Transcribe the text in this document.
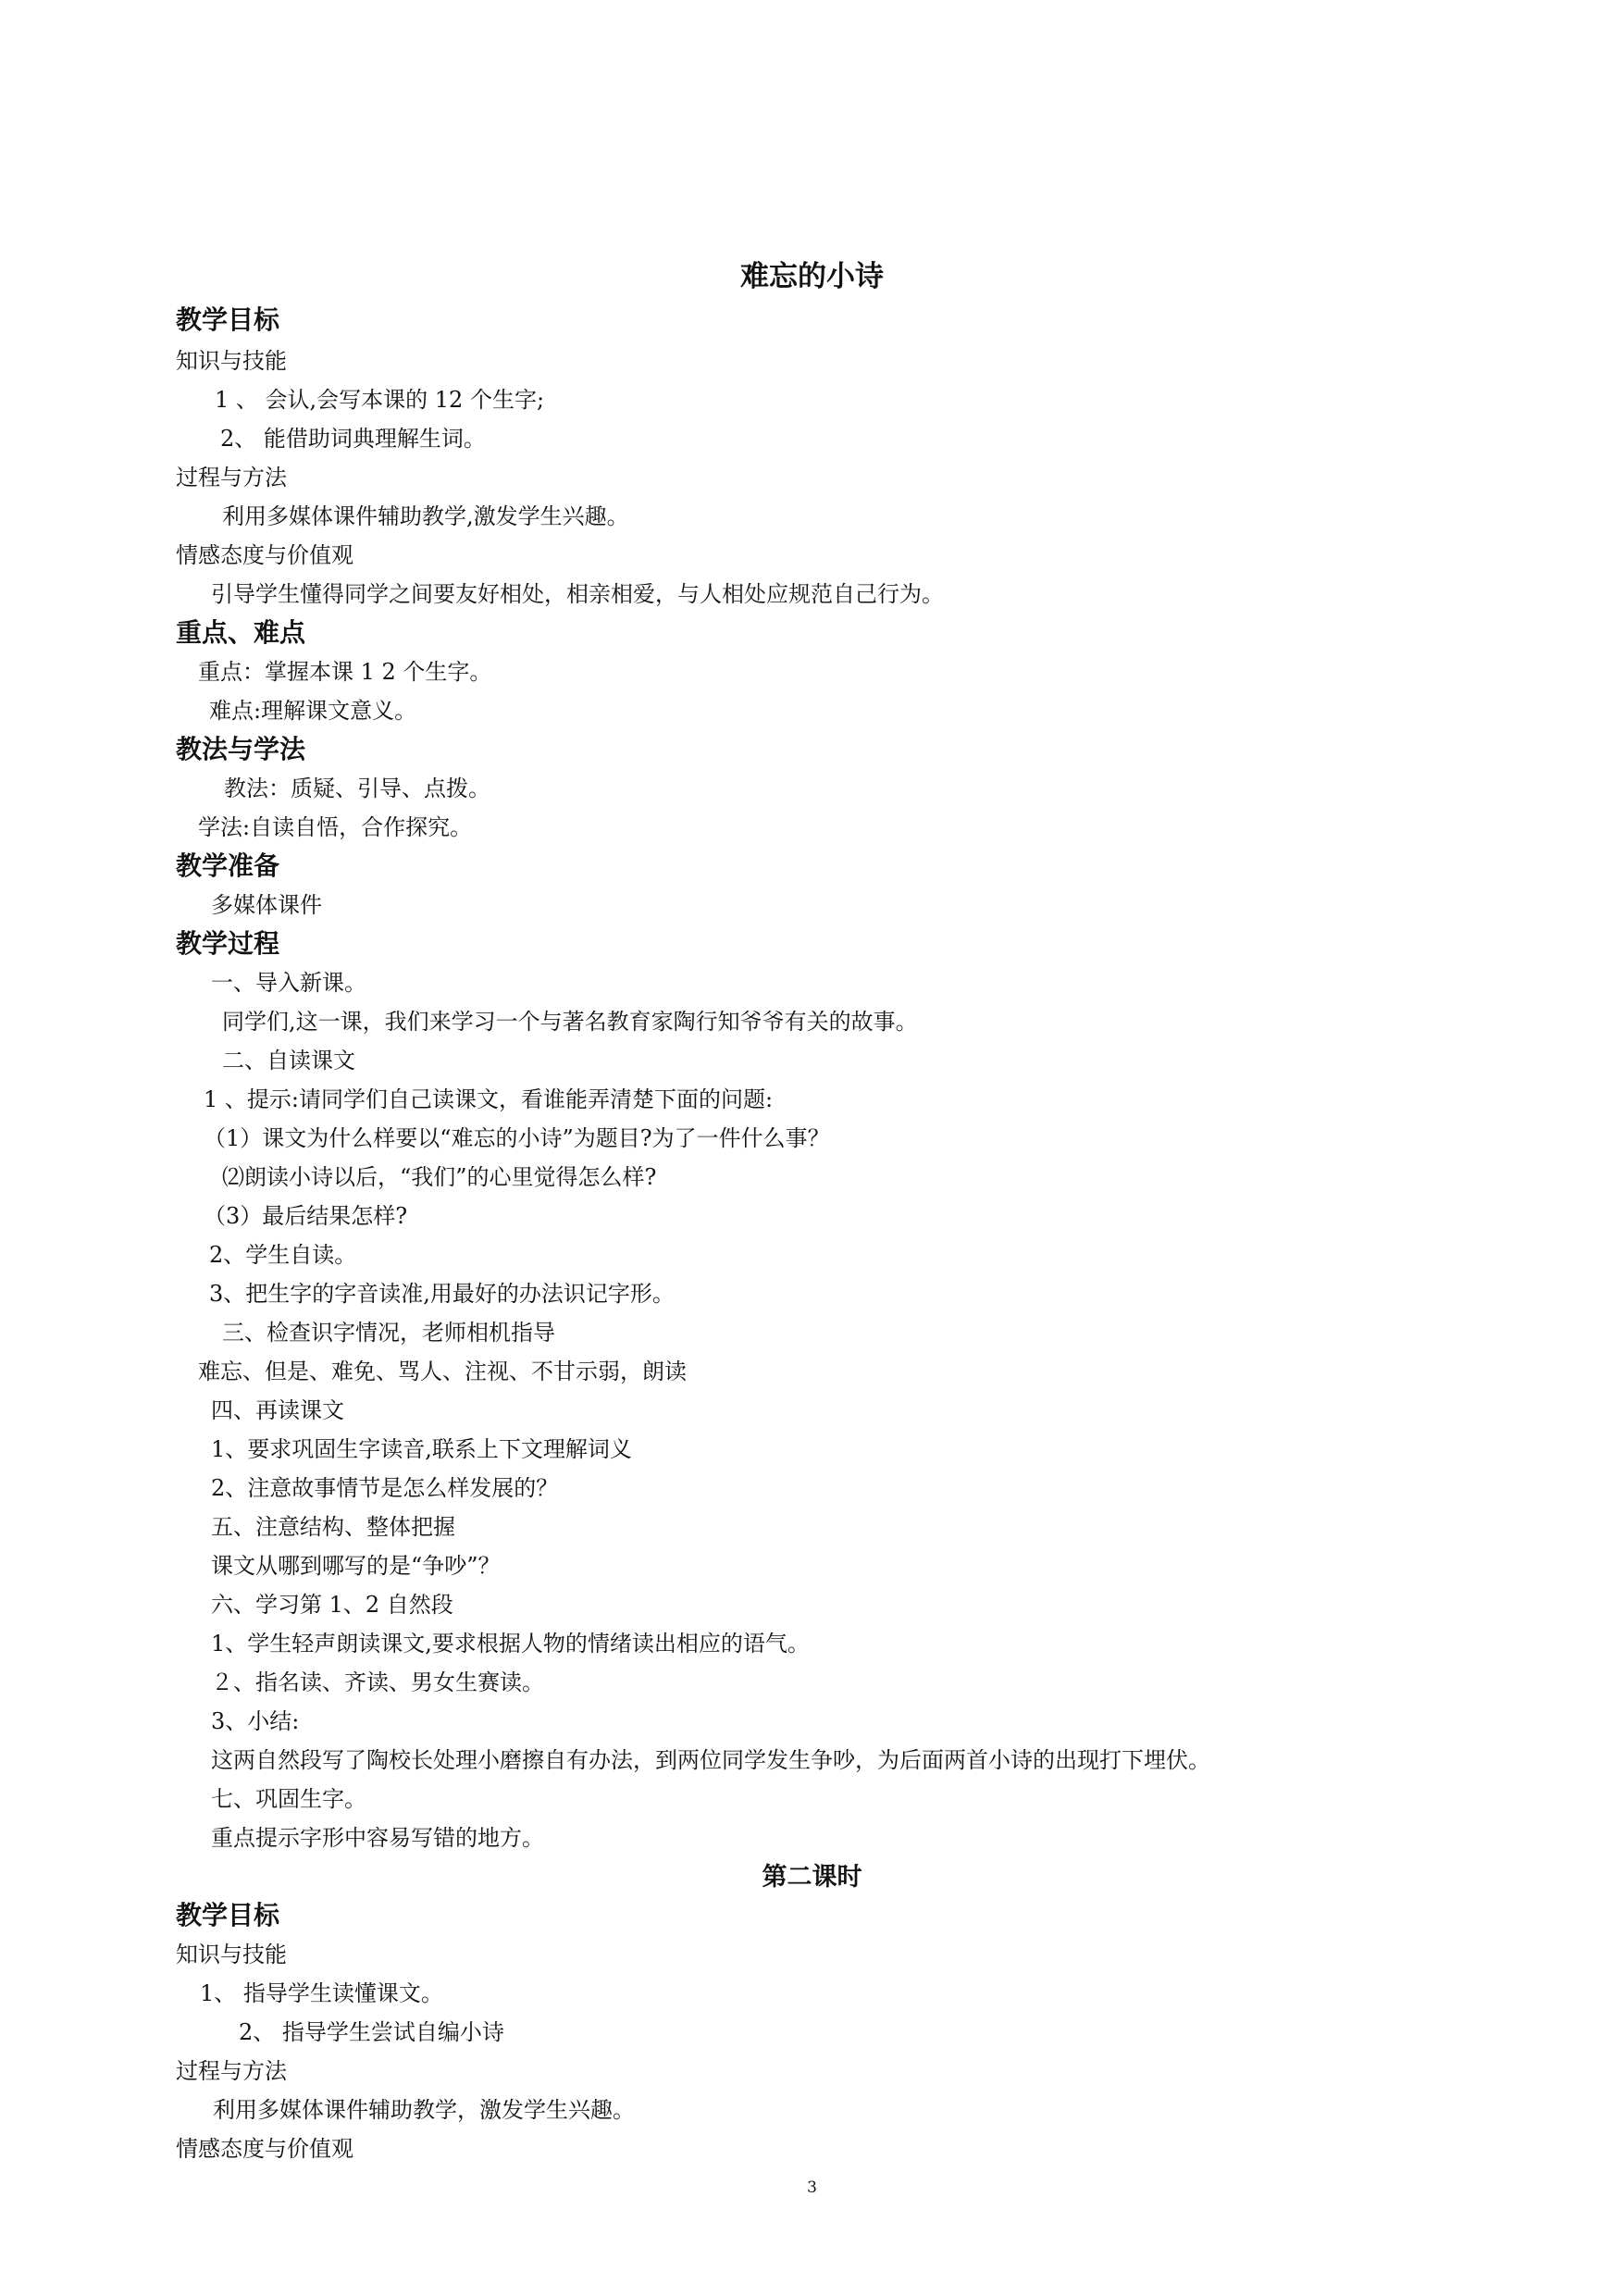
难忘的小诗
教学目标
知识与技能
1 、 会认,会写本课的 12 个生字;
2、 能借助词典理解生词。
过程与方法
利用多媒体课件辅助教学,激发学生兴趣。
情感态度与价值观
引导学生懂得同学之间要友好相处，相亲相爱，与人相处应规范自己行为。
重点、难点
重点：掌握本课 1 2 个生字。
难点:理解课文意义。
教法与学法
教法：质疑、引导、点拨。
学法:自读自悟，合作探究。
教学准备
多媒体课件
教学过程
一、导入新课。
同学们,这一课，我们来学习一个与著名教育家陶行知爷爷有关的故事。
二、自读课文
1 、提示:请同学们自己读课文，看谁能弄清楚下面的问题:
（1）课文为什么样要以“难忘的小诗”为题目?为了一件什么事？
⑵朗读小诗以后，“我们”的心里觉得怎么样?
（3）最后结果怎样?
2、学生自读。
3、把生字的字音读准,用最好的办法识记字形。
三、检查识字情况，老师相机指导
难忘、但是、难免、骂人、注视、不甘示弱，朗读
四、再读课文
1、要求巩固生字读音,联系上下文理解词义
2、注意故事情节是怎么样发展的？
五、注意结构、整体把握
课文从哪到哪写的是“争吵”？
六、学习第 1、2 自然段
1、学生轻声朗读课文,要求根据人物的情绪读出相应的语气。
２、指名读、齐读、男女生赛读。
3、小结:
这两自然段写了陶校长处理小磨擦自有办法，到两位同学发生争吵，为后面两首小诗的出现打下埋伏。
七、巩固生字。
重点提示字形中容易写错的地方。
第二课时
教学目标
知识与技能
1、 指导学生读懂课文。
2、 指导学生尝试自编小诗
过程与方法
利用多媒体课件辅助教学，激发学生兴趣。
情感态度与价值观
3
